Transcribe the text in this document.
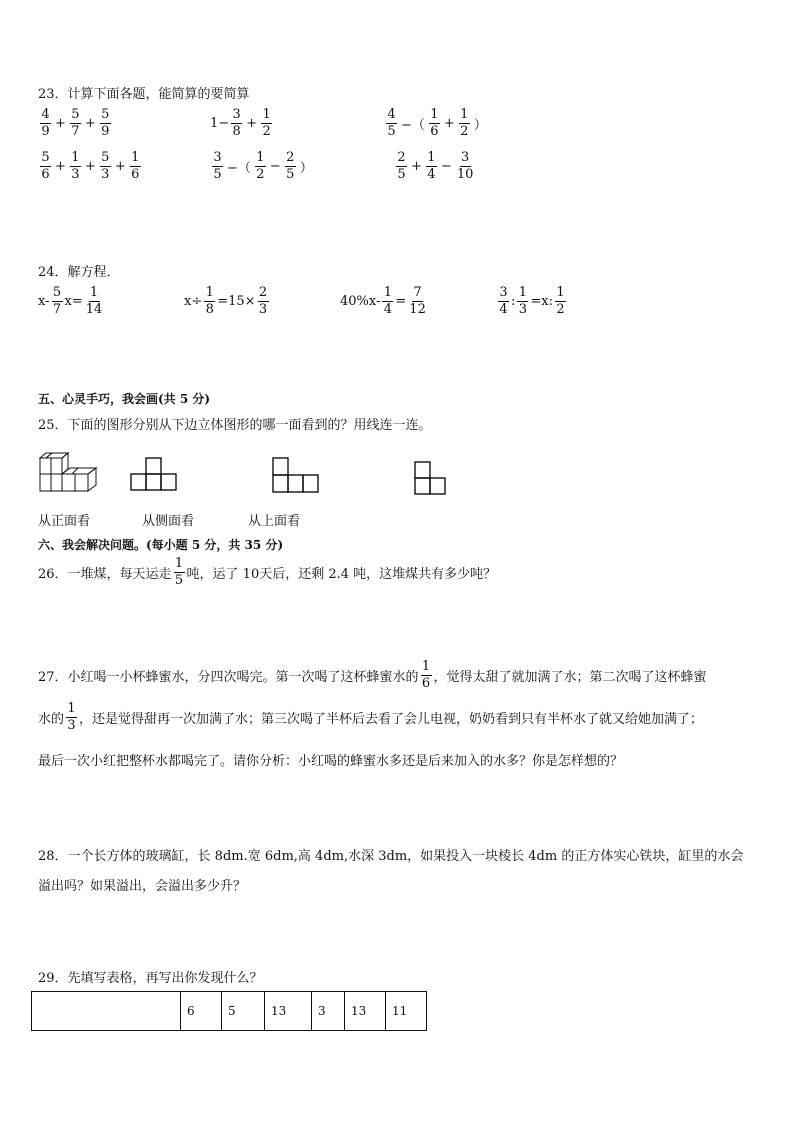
23．计算下面各题，能简算的要简算
$\frac{4}{9} + \frac{5}{7} + \frac{5}{9}$	$1- \frac{3}{8} + \frac{1}{2}$	$\frac{4}{5}$ −（ $\frac{1}{6} + \frac{1}{2}$ ）
$\frac{5}{6} + \frac{1}{3} + \frac{5}{3} + \frac{1}{6}$	$\frac{3}{5}$ −（ $\frac{1}{2} - \frac{2}{5}$ ）	$\frac{2}{5} + \frac{1}{4} - \frac{3}{10}$
24．解方程．
$x- \frac{5}{7} x= \frac{1}{14}$	$x\div \frac{1}{8} =15\times \frac{2}{3}$	$40\%x- \frac{1}{4} = \frac{7}{12}$	$\frac{3}{4}$ : $\frac{1}{3} =x$: $\frac{1}{2}$
五、心灵手巧，我会画(共 5 分)
25．下面的图形分别从下边立体图形的哪一面看到的？用线连一连。
从正面看	从侧面看	从上面看
六、我会解决问题。(每小题 5 分，共 35 分)
26．一堆煤，每天运走 $\frac{1}{5}$ 吨，运了 10天后，还剩 2.4 吨，这堆煤共有多少吨？
27．小红喝一小杯蜂蜜水，分四次喝完。第一次喝了这杯蜂蜜水的 $\frac{1}{6}$ ，觉得太甜了就加满了水；第二次喝了这杯蜂蜜
水的 $\frac{1}{3}$ ，还是觉得甜再一次加满了水；第三次喝了半杯后去看了会儿电视，奶奶看到只有半杯水了就又给她加满了；
最后一次小红把整杯水都喝完了。请你分析：小红喝的蜂蜜水多还是后来加入的水多？你是怎样想的？
28．一个长方体的玻璃缸，长 8dm.宽 6dm,高 4dm,水深 3dm，如果投入一块棱长 4dm 的正方体实心铁块，缸里的水会
溢出吗？如果溢出，会溢出多少升？
29．先填写表格，再写出你发现什么？
	6	5	13	3	13	11
